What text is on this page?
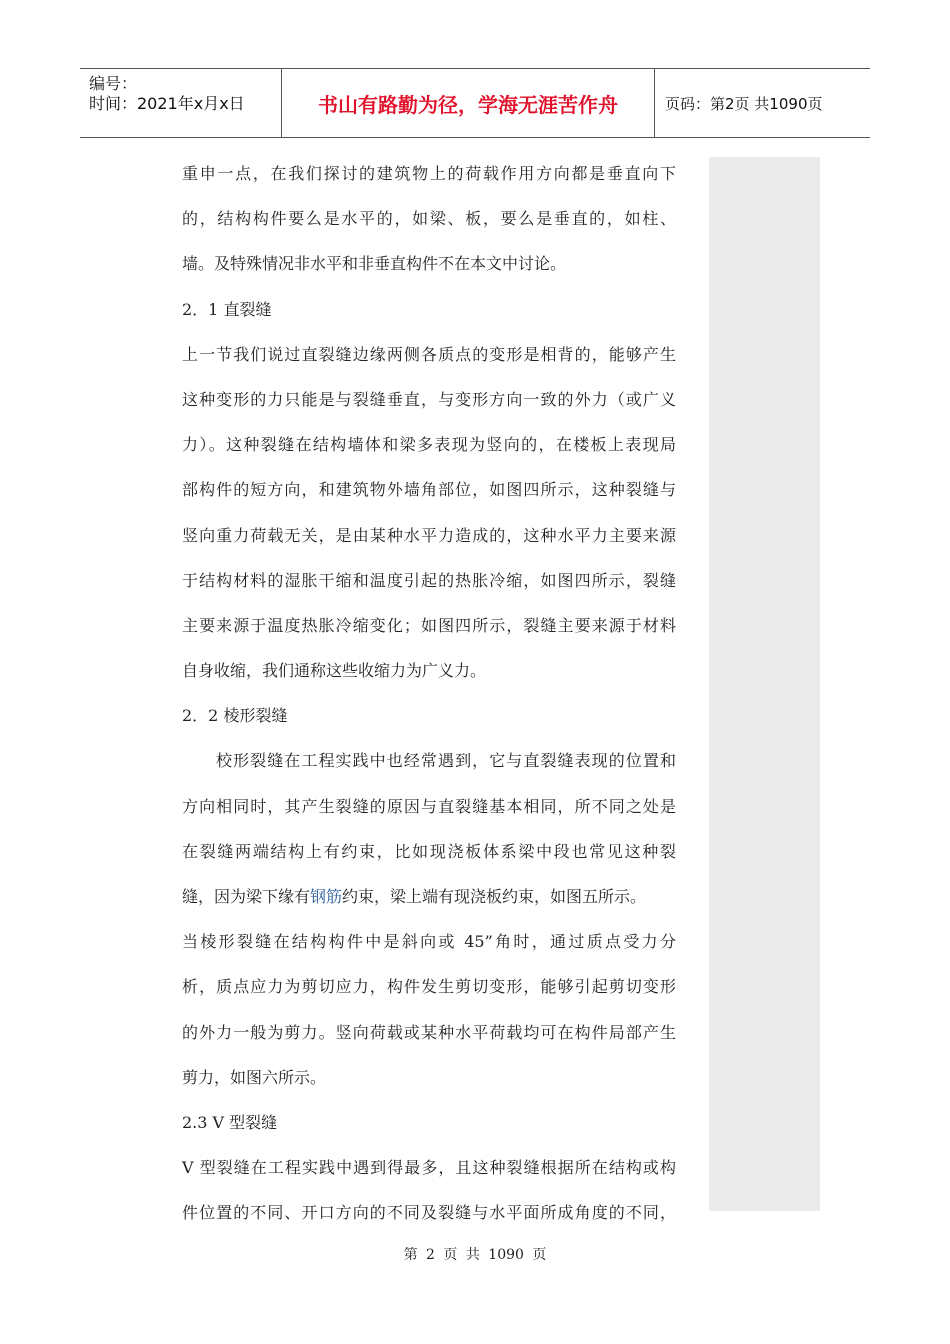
编号：
时间：2021年x月x日	书山有路勤为径，学海无涯苦作舟	页码：第2页 共1090页
重申一点，在我们探讨的建筑物上的荷载作用方向都是垂直向下
的，结构构件要么是水平的，如梁、板，要么是垂直的，如柱、
墙。及特殊情况非水平和非垂直构件不在本文中讨论。
2．1 直裂缝
上一节我们说过直裂缝边缘两侧各质点的变形是相背的，能够产生
这种变形的力只能是与裂缝垂直，与变形方向一致的外力（或广义
力）。这种裂缝在结构墙体和梁多表现为竖向的，在楼板上表现局
部构件的短方向，和建筑物外墙角部位，如图四所示，这种裂缝与
竖向重力荷载无关，是由某种水平力造成的，这种水平力主要来源
于结构材料的湿胀干缩和温度引起的热胀冷缩，如图四所示，裂缝
主要来源于温度热胀冷缩变化；如图四所示，裂缝主要来源于材料
自身收缩，我们通称这些收缩力为广义力。
2．2 棱形裂缝
校形裂缝在工程实践中也经常遇到，它与直裂缝表现的位置和
方向相同时，其产生裂缝的原因与直裂缝基本相同，所不同之处是
在裂缝两端结构上有约束，比如现浇板体系梁中段也常见这种裂
缝，因为梁下缘有钢筋约束，梁上端有现浇板约束，如图五所示。
当棱形裂缝在结构构件中是斜向或 45”角时，通过质点受力分
析，质点应力为剪切应力，构件发生剪切变形，能够引起剪切变形
的外力一般为剪力。竖向荷载或某种水平荷载均可在构件局部产生
剪力，如图六所示。
2.3 V 型裂缝
V 型裂缝在工程实践中遇到得最多，且这种裂缝根据所在结构或构
件位置的不同、开口方向的不同及裂缝与水平面所成角度的不同，
第 2 页 共 1090 页
